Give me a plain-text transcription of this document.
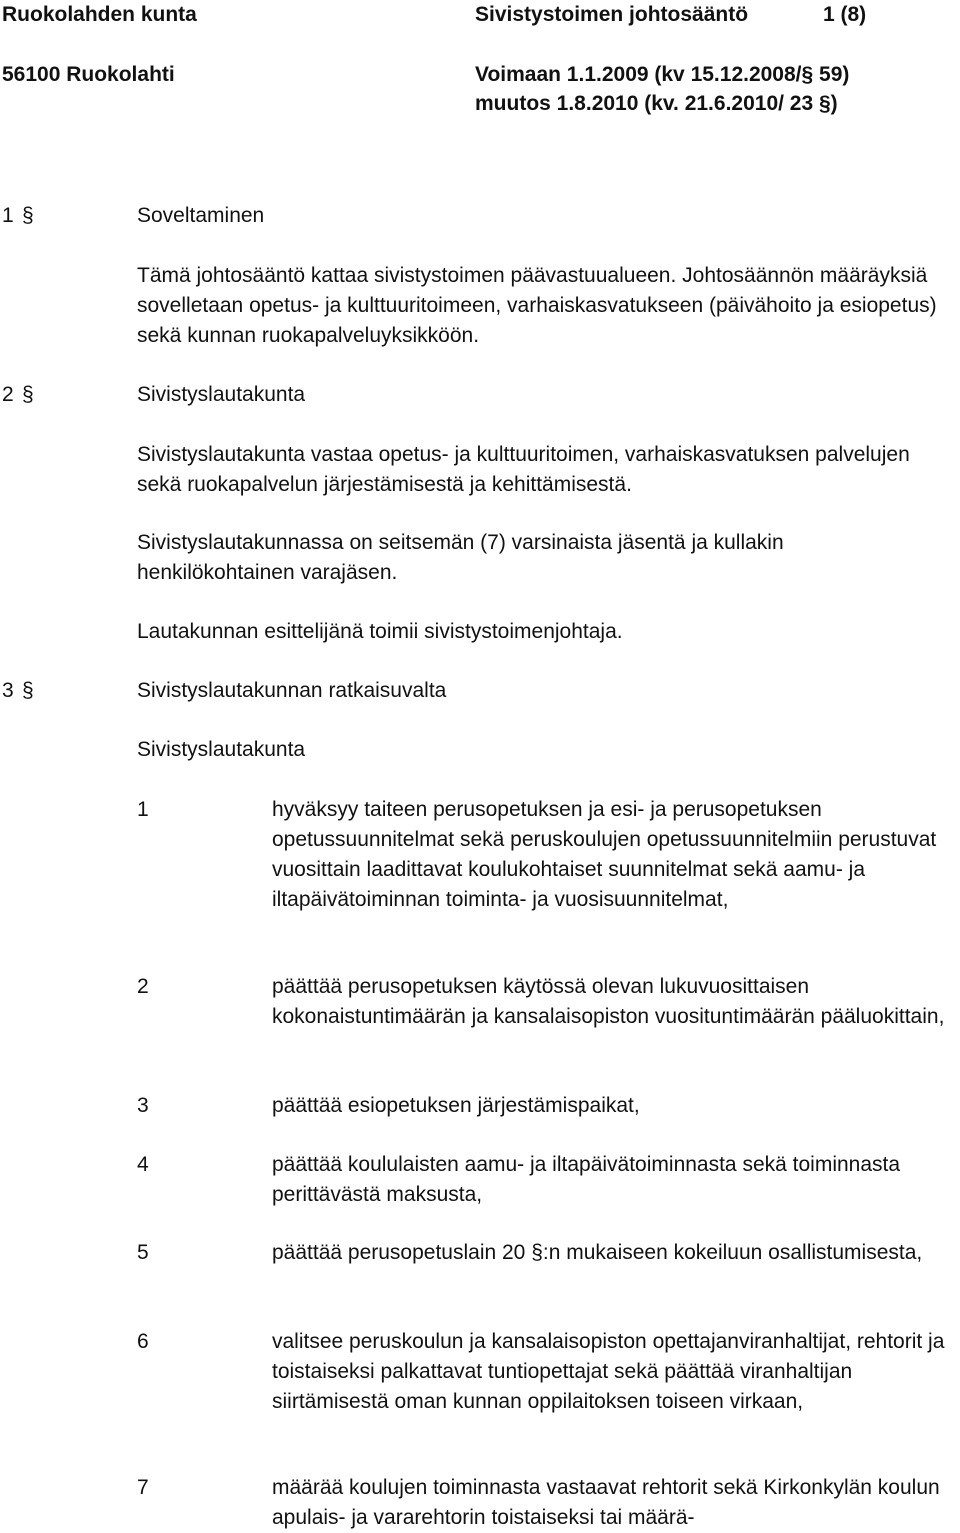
Ruokolahden kunta	Sivistystoimen johtosääntö	1 (8)
56100 Ruokolahti	Voimaan 1.1.2009 (kv 15.12.2008/§ 59)
muutos 1.8.2010 (kv. 21.6.2010/ 23 §)
1 §	Soveltaminen
Tämä johtosääntö kattaa sivistystoimen päävastuualueen. Johtosäännön määräyksiä sovelletaan opetus- ja kulttuuritoimeen, varhaiskasvatukseen (päivähoito ja esiopetus) sekä kunnan ruokapalveluyksikköön.
2 §	Sivistyslautakunta
Sivistyslautakunta vastaa opetus- ja kulttuuritoimen, varhaiskasvatuksen palvelujen sekä ruokapalvelun järjestämisestä ja kehittämisestä.
Sivistyslautakunnassa on seitsemän (7) varsinaista jäsentä ja kullakin henkilökohtainen varajäsen.
Lautakunnan esittelijänä toimii sivistystoimenjohtaja.
3 §	Sivistyslautakunnan ratkaisuvalta
Sivistyslautakunta
1	hyväksyy taiteen perusopetuksen ja esi- ja perusopetuksen opetussuunnitelmat sekä peruskoulujen opetussuunnitelmiin perustuvat vuosittain laadittavat koulukohtaiset suunnitelmat sekä aamu- ja iltapäivätoiminnan toiminta- ja vuosisuunnitelmat,
2	päättää perusopetuksen käytössä olevan lukuvuosittaisen kokonaistuntimäärän ja kansalaisopiston vuosituntimäärän pääluokittain,
3	päättää esiopetuksen järjestämispaikat,
4	päättää koululaisten aamu- ja iltapäivätoiminnasta sekä toiminnasta perittävästä maksusta,
5	päättää perusopetuslain 20 §:n mukaiseen kokeiluun osallistumisesta,
6	valitsee peruskoulun ja kansalaisopiston opettajanviranhaltijat, rehtorit ja toistaiseksi palkattavat tuntiopettajat sekä päättää viranhaltijan siirtämisestä oman kunnan oppilaitoksen toiseen virkaan,
7	määrää koulujen toiminnasta vastaavat rehtorit sekä Kirkonkylän koulun apulais- ja vararehtorin toistaiseksi tai määrä-
